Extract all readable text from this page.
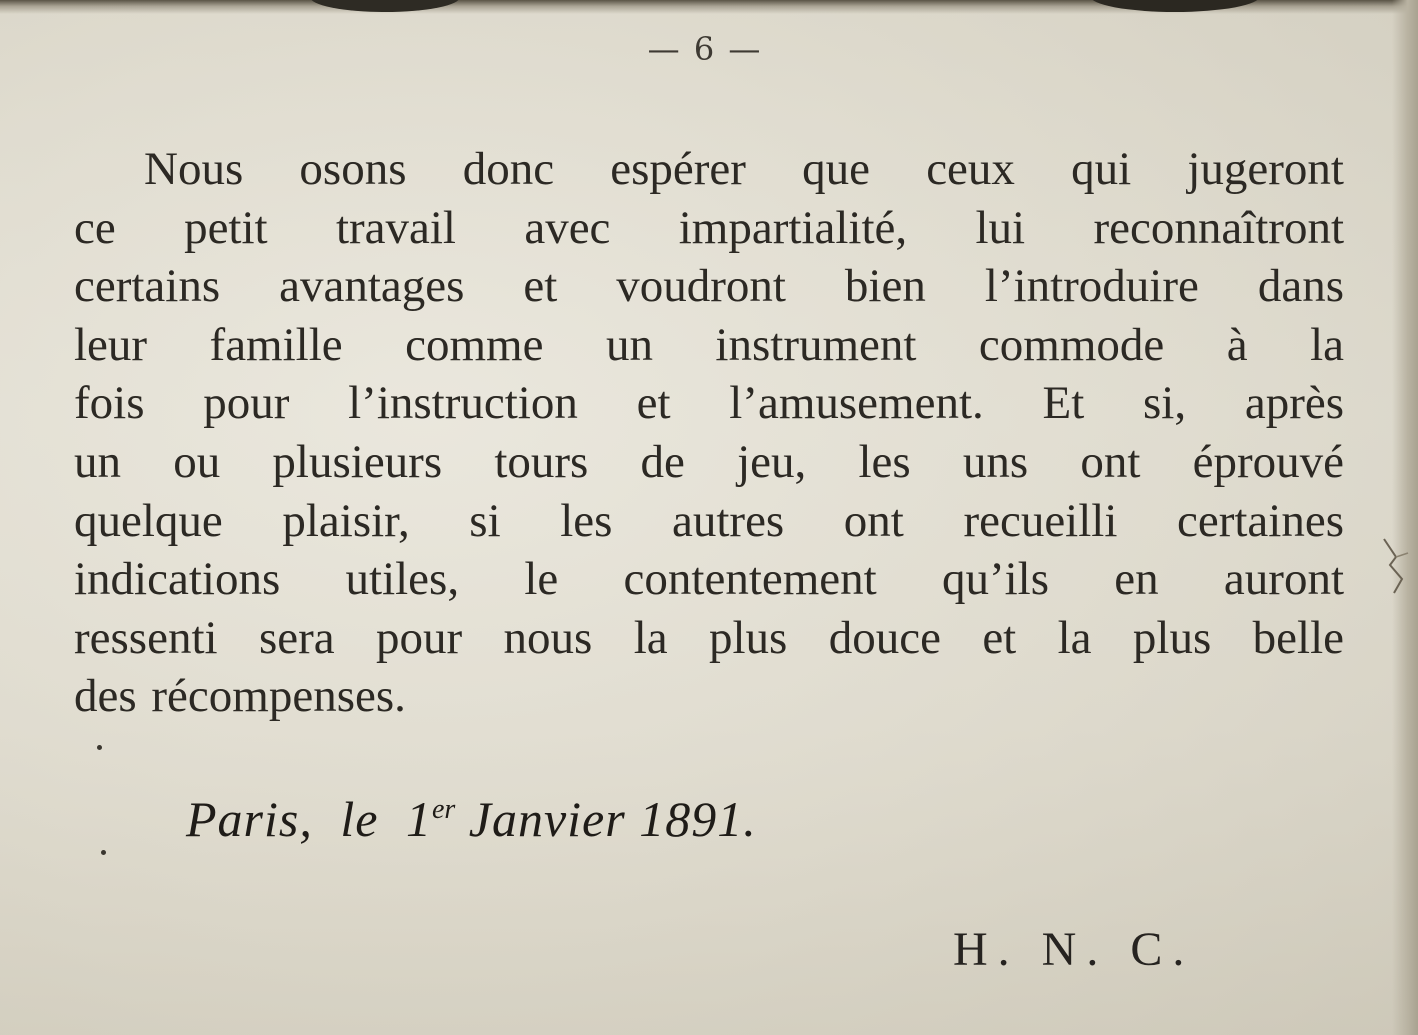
— 6 —

Nous osons donc espérer que ceux qui jugeront
ce petit travail avec impartialité, lui reconnaîtront
certains avantages et voudront bien l’introduire dans
leur famille comme un instrument commode à la
fois pour l’instruction et l’amusement. Et si, après
un ou plusieurs tours de jeu, les uns ont éprouvé
quelque plaisir, si les autres ont recueilli certaines
indications utiles, le contentement qu’ils en auront
ressenti sera pour nous la plus douce et la plus belle
des récompenses.

Paris, le 1er Janvier 1891.
H. N. C.
